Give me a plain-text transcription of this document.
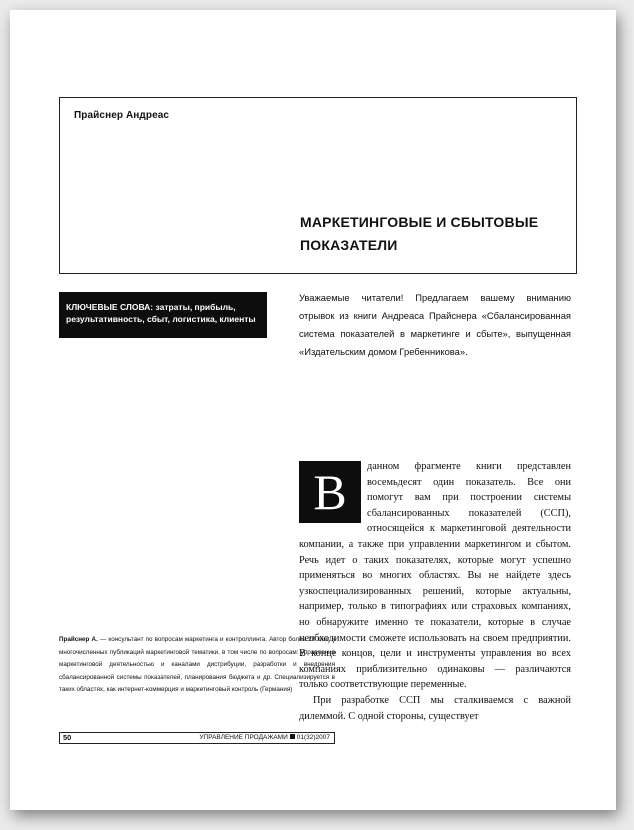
Прайснер Андреас
МАРКЕТИНГОВЫЕ И СБЫТОВЫЕ ПОКАЗАТЕЛИ
КЛЮЧЕВЫЕ СЛОВА: затраты, прибыль, результативность, сбыт, логистика, клиенты
Уважаемые читатели! Предлагаем вашему вниманию отрывок из книги Андреаса Прайснера «Сбалансированная система показателей в маркетинге и сбыте», выпущенная «Издательским домом Гребенникова».
В	данном фрагменте книги представлен восемьдесят один показатель. Все они помогут вам при построении системы сбалансированных показателей (ССП), относящейся к маркетинговой деятельности компании, а также при управлении маркетингом и сбытом. Речь идет о таких показателях, которые могут успешно применяться во многих областях. Вы не найдете здесь узкоспециализированных решений, которые актуальны, например, только в типографиях или страховых компаниях, но обнаружите именно те показатели, которые в случае необходимости сможете использовать на своем предприятии. В конце концов, цели и инструменты управления во всех компаниях приблизительно одинаковы — различаются только соответствующие переменные.

При разработке ССП мы сталкиваемся с важной дилеммой. С одной стороны, существует

Прайснер А. — консультант по вопросам маркетинга и контроллинга. Автор более 20 книг и многочисленных публикаций маркетинговой тематики, в том числе по вопросам: управления маркетинговой деятельностью и каналами дистрибуции, разработки и внедрения сбалансированной системы показателей, планирования бюджета и др. Специализируется в таких областях, как интернет-коммерция и маркетинговый контроль (Германия)
50	УПРАВЛЕНИЕ ПРОДАЖАМИ 01(32)2007
